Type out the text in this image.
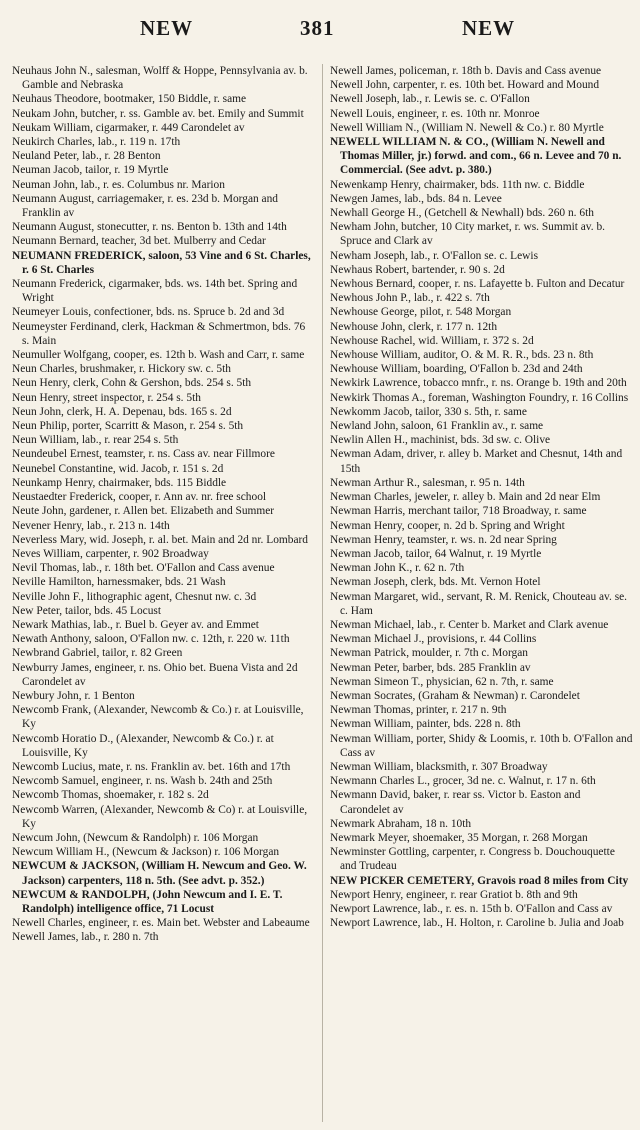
NEW	381	NEW

Neuhaus John N., salesman, Wolff & Hoppe, Pennsylvania av. b. Gamble and Nebraska

Neuhaus Theodore, bootmaker, 150 Biddle, r. same

Neukam John, butcher, r. ss. Gamble av. bet. Emily and Summit

Neukam William, cigarmaker, r. 449 Carondelet av

Neukirch Charles, lab., r. 119 n. 17th

Neuland Peter, lab., r. 28 Benton

Neuman Jacob, tailor, r. 19 Myrtle

Neuman John, lab., r. es. Columbus nr. Marion

Neumann August, carriagemaker, r. es. 23d b. Morgan and Franklin av

Neumann August, stonecutter, r. ns. Benton b. 13th and 14th

Neumann Bernard, teacher, 3d bet. Mulberry and Cedar

NEUMANN FREDERICK, saloon, 53 Vine and 6 St. Charles, r. 6 St. Charles

Neumann Frederick, cigarmaker, bds. ws. 14th bet. Spring and Wright

Neumeyer Louis, confectioner, bds. ns. Spruce b. 2d and 3d

Neumeyster Ferdinand, clerk, Hackman & Schmertmon, bds. 76 s. Main

Neumuller Wolfgang, cooper, es. 12th b. Wash and Carr, r. same

Neun Charles, brushmaker, r. Hickory sw. c. 5th

Neun Henry, clerk, Cohn & Gershon, bds. 254 s. 5th

Neun Henry, street inspector, r. 254 s. 5th

Neun John, clerk, H. A. Depenau, bds. 165 s. 2d

Neun Philip, porter, Scarritt & Mason, r. 254 s. 5th

Neun William, lab., r. rear 254 s. 5th

Neundeubel Ernest, teamster, r. ns. Cass av. near Fillmore

Neunebel Constantine, wid. Jacob, r. 151 s. 2d

Neunkamp Henry, chairmaker, bds. 115 Biddle

Neustaedter Frederick, cooper, r. Ann av. nr. free school

Neute John, gardener, r. Allen bet. Elizabeth and Summer

Nevener Henry, lab., r. 213 n. 14th

Neverless Mary, wid. Joseph, r. al. bet. Main and 2d nr. Lombard

Neves William, carpenter, r. 902 Broadway

Nevil Thomas, lab., r. 18th bet. O'Fallon and Cass avenue

Neville Hamilton, harnessmaker, bds. 21 Wash

Neville John F., lithographic agent, Chesnut nw. c. 3d

New Peter, tailor, bds. 45 Locust

Newark Mathias, lab., r. Buel b. Geyer av. and Emmet

Newath Anthony, saloon, O'Fallon nw. c. 12th, r. 220 w. 11th

Newbrand Gabriel, tailor, r. 82 Green

Newburry James, engineer, r. ns. Ohio bet. Buena Vista and 2d Carondelet av

Newbury John, r. 1 Benton

Newcomb Frank, (Alexander, Newcomb & Co.) r. at Louisville, Ky

Newcomb Horatio D., (Alexander, Newcomb & Co.) r. at Louisville, Ky

Newcomb Lucius, mate, r. ns. Franklin av. bet. 16th and 17th

Newcomb Samuel, engineer, r. ns. Wash b. 24th and 25th

Newcomb Thomas, shoemaker, r. 182 s. 2d

Newcomb Warren, (Alexander, Newcomb & Co) r. at Louisville, Ky

Newcum John, (Newcum & Randolph) r. 106 Morgan

Newcum William H., (Newcum & Jackson) r. 106 Morgan

NEWCUM & JACKSON, (William H. Newcum and Geo. W. Jackson) carpenters, 118 n. 5th. (See advt. p. 352.)

NEWCUM & RANDOLPH, (John Newcum and I. E. T. Randolph) intelligence office, 71 Locust

Newell Charles, engineer, r. es. Main bet. Webster and Labeaume

Newell James, lab., r. 280 n. 7th

Newell James, policeman, r. 18th b. Davis and Cass avenue

Newell John, carpenter, r. es. 10th bet. Howard and Mound

Newell Joseph, lab., r. Lewis se. c. O'Fallon

Newell Louis, engineer, r. es. 10th nr. Monroe

Newell William N., (William N. Newell & Co.) r. 80 Myrtle

NEWELL WILLIAM N. & CO., (William N. Newell and Thomas Miller, jr.) forwd. and com., 66 n. Levee and 70 n. Commercial. (See advt. p. 380.)

Newenkamp Henry, chairmaker, bds. 11th nw. c. Biddle

Newgen James, lab., bds. 84 n. Levee

Newhall George H., (Getchell & Newhall) bds. 260 n. 6th

Newham John, butcher, 10 City market, r. ws. Summit av. b. Spruce and Clark av

Newham Joseph, lab., r. O'Fallon se. c. Lewis

Newhaus Robert, bartender, r. 90 s. 2d

Newhous Bernard, cooper, r. ns. Lafayette b. Fulton and Decatur

Newhous John P., lab., r. 422 s. 7th

Newhouse George, pilot, r. 548 Morgan

Newhouse John, clerk, r. 177 n. 12th

Newhouse Rachel, wid. William, r. 372 s. 2d

Newhouse William, auditor, O. & M. R. R., bds. 23 n. 8th

Newhouse William, boarding, O'Fallon b. 23d and 24th

Newkirk Lawrence, tobacco mnfr., r. ns. Orange b. 19th and 20th

Newkirk Thomas A., foreman, Washington Foundry, r. 16 Collins

Newkomm Jacob, tailor, 330 s. 5th, r. same

Newland John, saloon, 61 Franklin av., r. same

Newlin Allen H., machinist, bds. 3d sw. c. Olive

Newman Adam, driver, r. alley b. Market and Chesnut, 14th and 15th

Newman Arthur R., salesman, r. 95 n. 14th

Newman Charles, jeweler, r. alley b. Main and 2d near Elm

Newman Harris, merchant tailor, 718 Broadway, r. same

Newman Henry, cooper, n. 2d b. Spring and Wright

Newman Henry, teamster, r. ws. n. 2d near Spring

Newman Jacob, tailor, 64 Walnut, r. 19 Myrtle

Newman John K., r. 62 n. 7th

Newman Joseph, clerk, bds. Mt. Vernon Hotel

Newman Margaret, wid., servant, R. M. Renick, Chouteau av. se. c. Ham

Newman Michael, lab., r. Center b. Market and Clark avenue

Newman Michael J., provisions, r. 44 Collins

Newman Patrick, moulder, r. 7th c. Morgan

Newman Peter, barber, bds. 285 Franklin av

Newman Simeon T., physician, 62 n. 7th, r. same

Newman Socrates, (Graham & Newman) r. Carondelet

Newman Thomas, printer, r. 217 n. 9th

Newman William, painter, bds. 228 n. 8th

Newman William, porter, Shidy & Loomis, r. 10th b. O'Fallon and Cass av

Newman William, blacksmith, r. 307 Broadway

Newmann Charles L., grocer, 3d ne. c. Walnut, r. 17 n. 6th

Newmann David, baker, r. rear ss. Victor b. Easton and Carondelet av

Newmark Abraham, 18 n. 10th

Newmark Meyer, shoemaker, 35 Morgan, r. 268 Morgan

Newminster Gottling, carpenter, r. Congress b. Douchouquette and Trudeau

NEW PICKER CEMETERY, Gravois road 8 miles from City

Newport Henry, engineer, r. rear Gratiot b. 8th and 9th

Newport Lawrence, lab., r. es. n. 15th b. O'Fallon and Cass av

Newport Lawrence, lab., H. Holton, r. Caroline b. Julia and Joab
